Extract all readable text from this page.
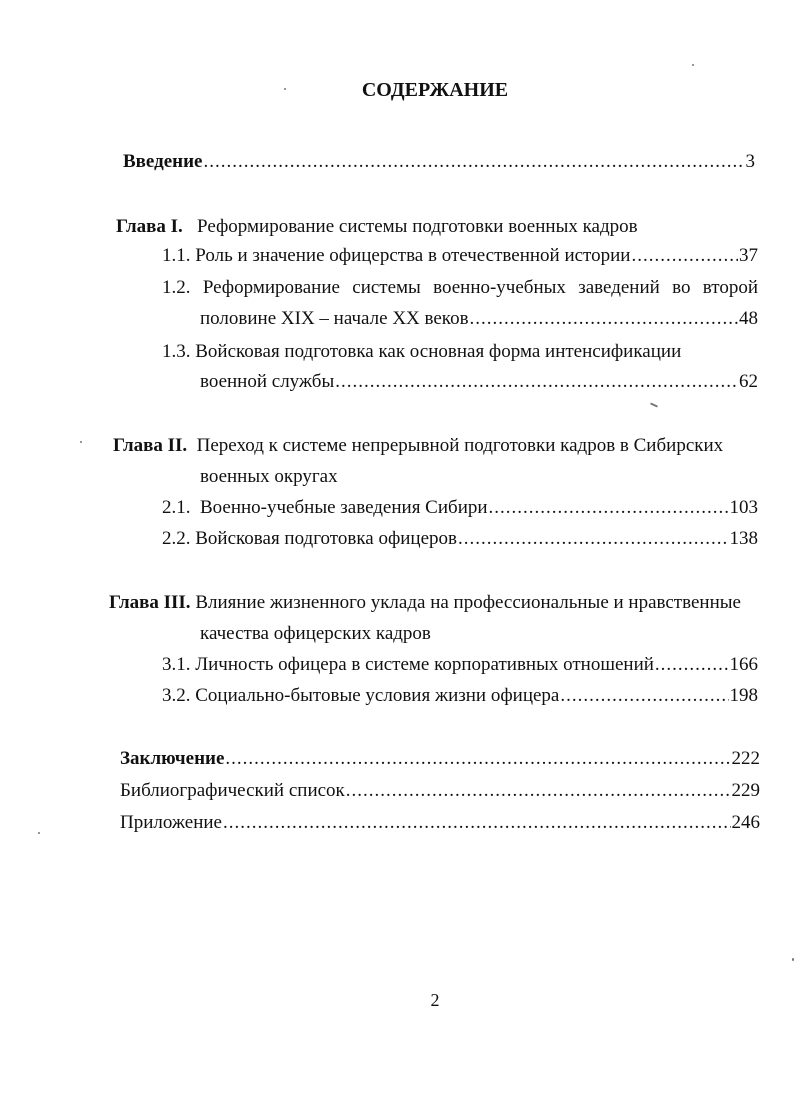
СОДЕРЖАНИЕ
Введение .....	3
Глава I. Реформирование системы подготовки военных кадров
1.1. Роль и значение офицерства в отечественной истории .....	37
1.2. Реформирование системы военно-учебных заведений во второй
половине XIX – начале XX веков .....	48
1.3. Войсковая подготовка как основная форма интенсификации
военной службы .....	62
Глава II. Переход к системе непрерывной подготовки кадров в Сибирских
военных округах
2.1. Военно-учебные заведения Сибири .....	103
2.2. Войсковая подготовка офицеров .....	138
Глава III. Влияние жизненного уклада на профессиональные и нравственные
качества офицерских кадров
3.1. Личность офицера в системе корпоративных отношений .....	166
3.2. Социально-бытовые условия жизни офицера .....	198
Заключение .....	222
Библиографический список .....	229
Приложение .....	246
2
